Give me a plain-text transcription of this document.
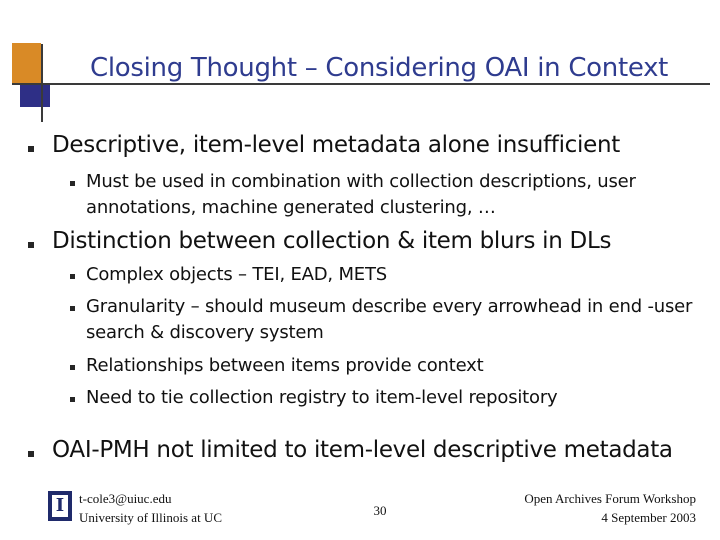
Closing Thought – Considering OAI in Context
Descriptive, item-level metadata alone insufficient
Must be used in combination with collection descriptions, user annotations, machine generated clustering, …
Distinction between collection & item blurs in DLs
Complex objects – TEI, EAD, METS
Granularity – should museum describe every arrowhead in end -user search & discovery system
Relationships between items provide context
Need to tie collection registry to item-level repository
OAI-PMH not limited to item-level descriptive metadata
I t-cole3@uiuc.edu
University of Illinois at UC	30
Open Archives Forum Workshop
4 September 2003
